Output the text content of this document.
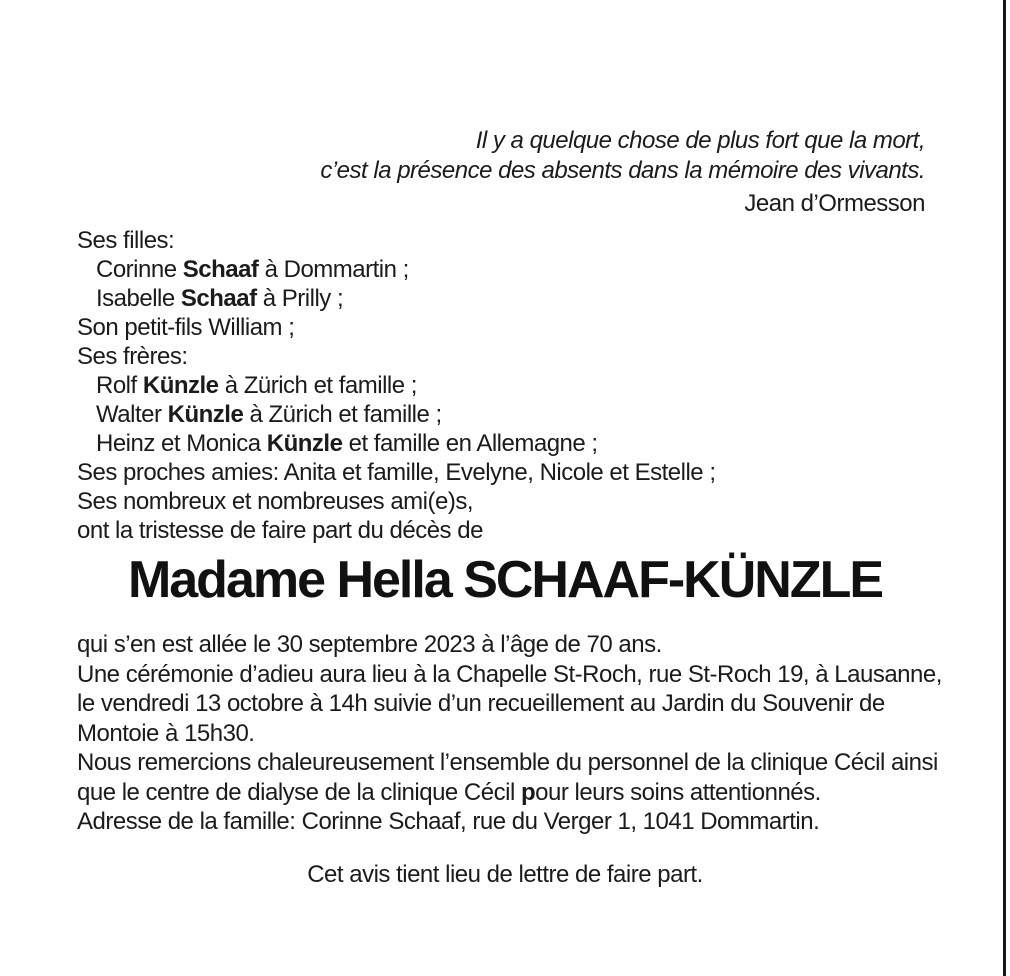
Il y a quelque chose de plus fort que la mort,
c’est la présence des absents dans la mémoire des vivants.
Jean d’Ormesson
Ses filles:
Corinne Schaaf à Dommartin ;
Isabelle Schaaf à Prilly ;
Son petit-fils William ;
Ses frères:
Rolf Künzle à Zürich et famille ;
Walter Künzle à Zürich et famille ;
Heinz et Monica Künzle et famille en Allemagne ;
Ses proches amies: Anita et famille, Evelyne, Nicole et Estelle ;
Ses nombreux et nombreuses ami(e)s,
ont la tristesse de faire part du décès de
Madame Hella SCHAAF-KÜNZLE
qui s’en est allée le 30 septembre 2023 à l’âge de 70 ans.
Une cérémonie d’adieu aura lieu à la Chapelle St-Roch, rue St-Roch 19, à Lausanne,
le vendredi 13 octobre à 14h suivie d’un recueillement au Jardin du Souvenir de
Montoie à 15h30.
Nous remercions chaleureusement l’ensemble du personnel de la clinique Cécil ainsi
que le centre de dialyse de la clinique Cécil pour leurs soins attentionnés.
Adresse de la famille: Corinne Schaaf, rue du Verger 1, 1041 Dommartin.
Cet avis tient lieu de lettre de faire part.
